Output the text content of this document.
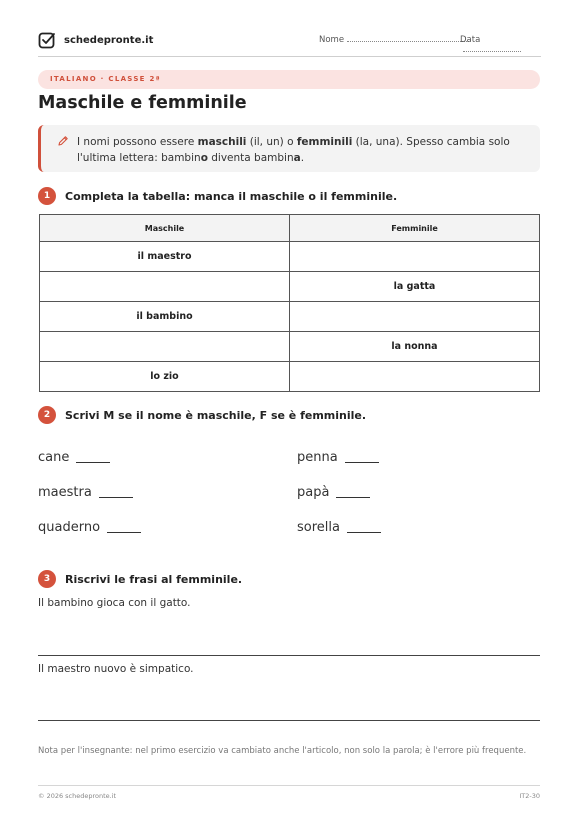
schedepronte.it	Nome	Data
ITALIANO · CLASSE 2ª
Maschile e femminile
I nomi possono essere maschili (il, un) o femminili (la, una). Spesso cambia solo l'ultima lettera: bambino diventa bambina.
1	Completa la tabella: manca il maschile o il femminile.
Maschile	Femminile
il maestro	
	la gatta
il bambino	
	la nonna
lo zio	
2	Scrivi M se il nome è maschile, F se è femminile.
cane	penna
maestra	papà
quaderno	sorella
3	Riscrivi le frasi al femminile.
Il bambino gioca con il gatto.
Il maestro nuovo è simpatico.
Nota per l'insegnante: nel primo esercizio va cambiato anche l'articolo, non solo la parola; è l'errore più frequente.
© 2026 schedepronte.it	IT2-30
